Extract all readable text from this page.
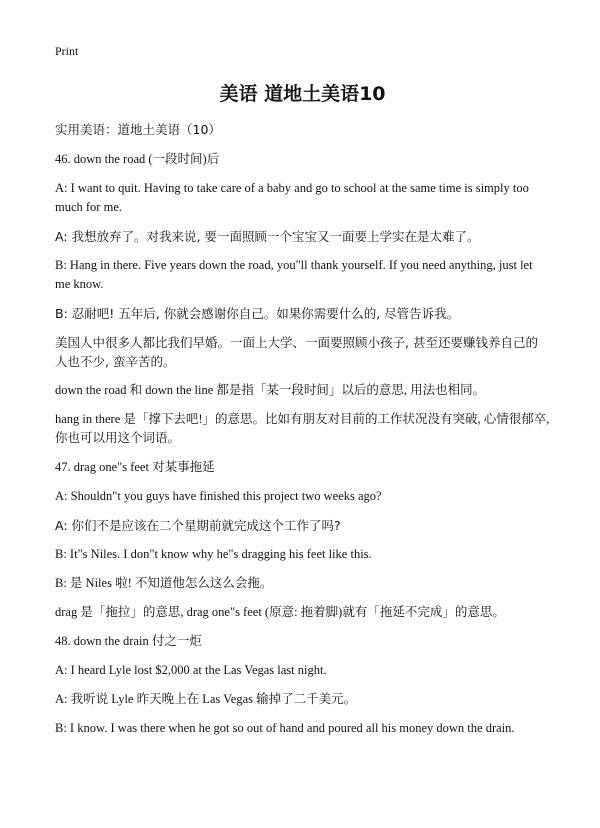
Print
美语 道地土美语10
实用美语：道地土美语（10）

46. down the road (一段时间)后

A: I want to quit. Having to take care of a baby and go to school at the same time is simply too much for me.

A: 我想放弃了。对我来说, 要一面照顾一个宝宝又一面要上学实在是太难了。

B: Hang in there. Five years down the road, you"ll thank yourself. If you need anything, just let me know.

B: 忍耐吧! 五年后, 你就会感谢你自己。如果你需要什么的, 尽管告诉我。

美国人中很多人都比我们早婚。一面上大学、一面要照顾小孩子, 甚至还要赚钱养自己的人也不少, 蛮辛苦的。

down the road 和 down the line 都是指「某一段时间」以后的意思, 用法也相同。

hang in there 是「撑下去吧!」的意思。比如有朋友对目前的工作状况没有突破, 心情很郁卒, 你也可以用这个词语。

47. drag one"s feet 对某事拖延

A: Shouldn"t you guys have finished this project two weeks ago?

A: 你们不是应该在二个星期前就完成这个工作了吗?

B: It"s Niles. I don"t know why he"s dragging his feet like this.

B: 是 Niles 啦! 不知道他怎么这么会拖。

drag 是「拖拉」的意思, drag one"s feet (原意: 拖着脚)就有「拖延不完成」的意思。

48. down the drain 付之一炬

A: I heard Lyle lost $2,000 at the Las Vegas last night.

A: 我听说 Lyle 昨天晚上在 Las Vegas 输掉了二千美元。

B: I know. I was there when he got so out of hand and poured all his money down the drain.
